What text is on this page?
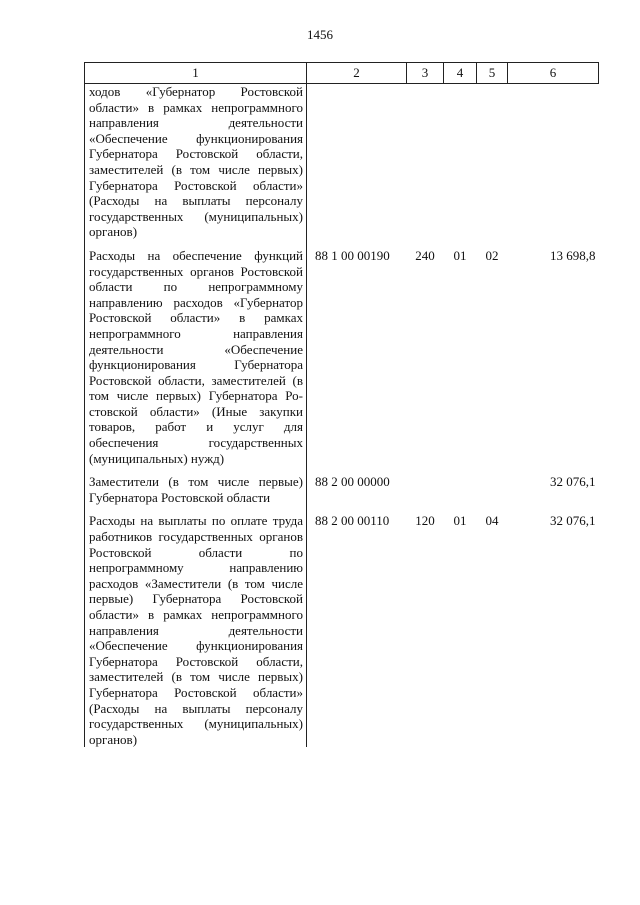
1456
1	2	3	4	5	6
ходов «Губернатор Ростовской области» в рамках непрограммного направления деятельности «Обеспечение функционирования Губернатора Ростовской области, заместителей (в том числе первых) Губернатора Ростовской области» (Расходы на выплаты персоналу государственных (муниципальных) органов)					
Расходы на обеспечение функций государственных органов Ростовской области по непрограммному направлению расходов «Губернатор Ростовской области» в рамках непрограммного направления деятельности «Обеспечение функционирования Губернатора Ростовской области, заместителей (в том числе первых) Губернатора Ростовской области» (Иные закупки товаров, работ и услуг для обеспечения государственных (муниципальных) нужд)	88 1 00 00190	240	01	02	13 698,8
Заместители (в том числе первые) Губернатора Ростовской области	88 2 00 00000				32 076,1
Расходы на выплаты по оплате труда работников государственных органов Ростовской области по непрограммному направлению расходов «Заместители (в том числе первые) Губернатора Ростовской области» в рамках непрограммного направления деятельности «Обеспечение функционирования Губернатора Ростовской области, заместителей (в том числе первых) Губернатора Ростовской области» (Расходы на выплаты персоналу государственных (муниципальных) органов)	88 2 00 00110	120	01	04	32 076,1
